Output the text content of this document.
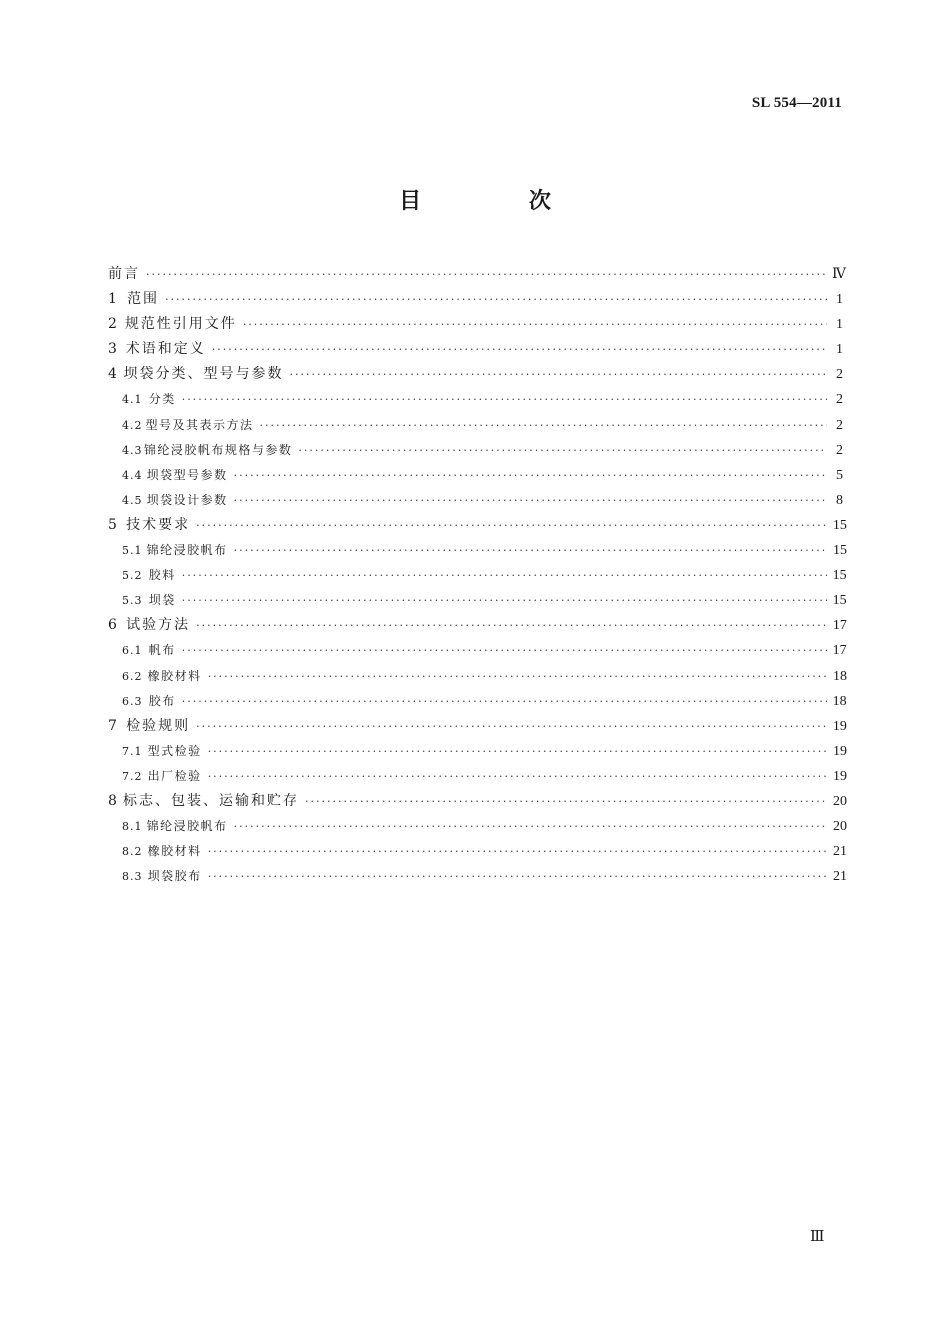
SL 554—2011
目 次
前言 ·····	Ⅳ
1 范围 ·····	1
2 规范性引用文件 ·····	1
3 术语和定义 ·····	1
4 坝袋分类、型号与参数 ·····	2
4.1 分类 ·····	2
4.2 型号及其表示方法 ·····	2
4.3 锦纶浸胶帆布规格与参数 ·····	2
4.4 坝袋型号参数 ·····	5
4.5 坝袋设计参数 ·····	8
5 技术要求 ·····	15
5.1 锦纶浸胶帆布 ·····	15
5.2 胶料 ·····	15
5.3 坝袋 ·····	15
6 试验方法 ·····	17
6.1 帆布 ·····	17
6.2 橡胶材料 ·····	18
6.3 胶布 ·····	18
7 检验规则 ·····	19
7.1 型式检验 ·····	19
7.2 出厂检验 ·····	19
8 标志、包装、运输和贮存 ·····	20
8.1 锦纶浸胶帆布 ·····	20
8.2 橡胶材料 ·····	21
8.3 坝袋胶布 ·····	21
Ⅲ
